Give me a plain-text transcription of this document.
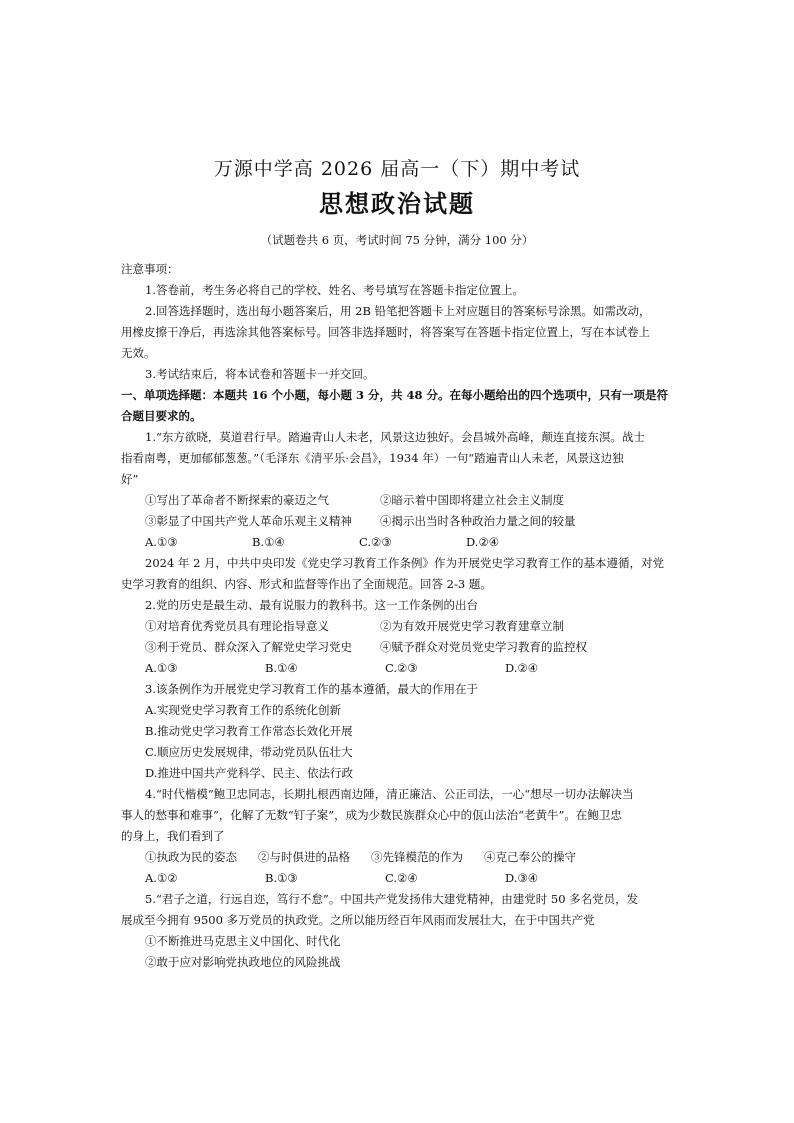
万源中学高 2026 届高一（下）期中考试
思想政治试题
（试题卷共 6 页，考试时间 75 分钟，满分 100 分）
注意事项：
1.答卷前，考生务必将自己的学校、姓名、考号填写在答题卡指定位置上。
2.回答选择题时，选出每小题答案后，用 2B 铅笔把答题卡上对应题目的答案标号涂黑。如需改动，
用橡皮擦干净后，再选涂其他答案标号。回答非选择题时，将答案写在答题卡指定位置上，写在本试卷上
无效。
3.考试结束后，将本试卷和答题卡一并交回。
一、单项选择题：本题共 16 个小题，每小题 3 分，共 48 分。在每小题给出的四个选项中，只有一项是符
合题目要求的。
1.“东方欲晓，莫道君行早。踏遍青山人未老，风景这边独好。会昌城外高峰，颠连直接东溟。战士
指看南粤，更加郁郁葱葱。”（毛泽东《清平乐·会昌》，1934 年）一句“踏遍青山人未老，风景这边独
好”
①写出了革命者不断探索的豪迈之气	②暗示着中国即将建立社会主义制度
③彰显了中国共产党人革命乐观主义精神	④揭示出当时各种政治力量之间的较量
A.①③	B.①④	C.②③	D.②④
2024 年 2 月，中共中央印发《党史学习教育工作条例》作为开展党史学习教育工作的基本遵循，对党
史学习教育的组织、内容、形式和监督等作出了全面规范。回答 2-3 题。
2.党的历史是最生动、最有说服力的教科书。这一工作条例的出台
①对培育优秀党员具有理论指导意义	②为有效开展党史学习教育建章立制
③利于党员、群众深入了解党史学习党史	④赋予群众对党员党史学习教育的监控权
A.①③	B.①④	C.②③	D.②④
3.该条例作为开展党史学习教育工作的基本遵循，最大的作用在于
A.实现党史学习教育工作的系统化创新
B.推动党史学习教育工作常态长效化开展
C.顺应历史发展规律，带动党员队伍壮大
D.推进中国共产党科学、民主、依法行政
4.“时代楷模”鲍卫忠同志，长期扎根西南边陲，清正廉洁、公正司法，一心“想尽一切办法解决当
事人的愁事和难事”，化解了无数“钉子案”，成为少数民族群众心中的佤山法治“老黄牛”。在鲍卫忠
的身上，我们看到了
①执政为民的姿态	②与时俱进的品格	③先锋模范的作为	④克己奉公的操守
A.①②	B.①③	C.②④	D.③④
5.“君子之道，行远自迩，笃行不怠”。中国共产党发扬伟大建党精神，由建党时 50 多名党员，发
展成至今拥有 9500 多万党员的执政党。之所以能历经百年风雨而发展壮大，在于中国共产党
①不断推进马克思主义中国化、时代化
②敢于应对影响党执政地位的风险挑战
